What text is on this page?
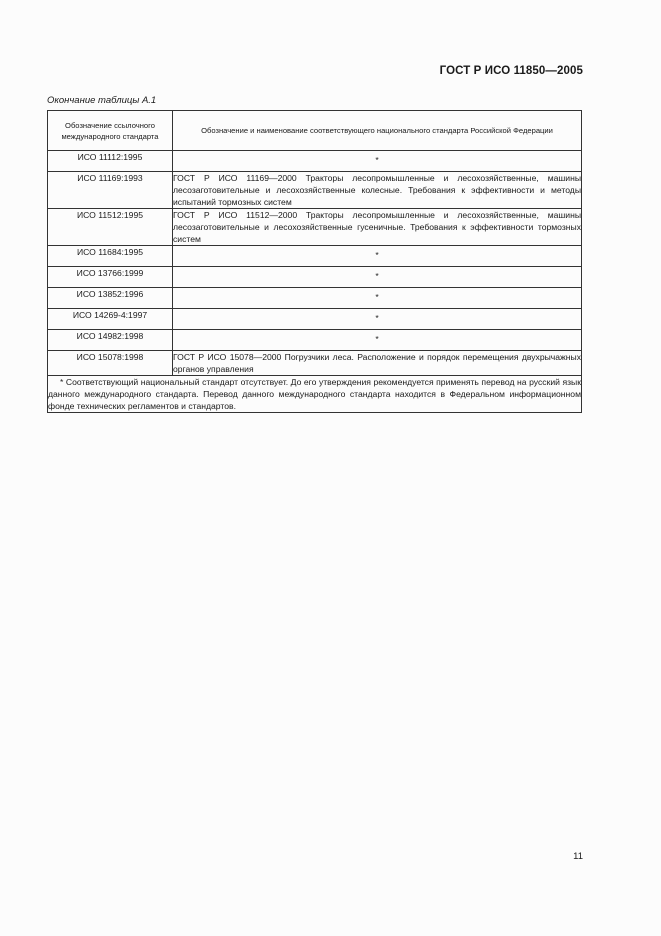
ГОСТ Р ИСО 11850—2005
Окончание таблицы А.1
Обозначение ссылочного международного стандарта	Обозначение и наименование соответствующего национального стандарта Российской Федерации
ИСО 11112:1995	*
ИСО 11169:1993	ГОСТ Р ИСО 11169—2000 Тракторы лесопромышленные и лесохозяйственные, машины лесозаготовительные и лесохозяйственные колесные. Требования к эффективности и методы испытаний тормозных систем
ИСО 11512:1995	ГОСТ Р ИСО 11512—2000 Тракторы лесопромышленные и лесохозяйственные, машины лесозаготовительные и лесохозяйственные гусеничные. Требования к эффективности тормозных систем
ИСО 11684:1995	*
ИСО 13766:1999	*
ИСО 13852:1996	*
ИСО 14269-4:1997	*
ИСО 14982:1998	*
ИСО 15078:1998	ГОСТ Р ИСО 15078—2000 Погрузчики леса. Расположение и порядок перемещения двухрычажных органов управления
* Соответствующий национальный стандарт отсутствует. До его утверждения рекомендуется применять перевод на русский язык данного международного стандарта. Перевод данного международного стандарта находится в Федеральном информационном фонде технических регламентов и стандартов.	
11
